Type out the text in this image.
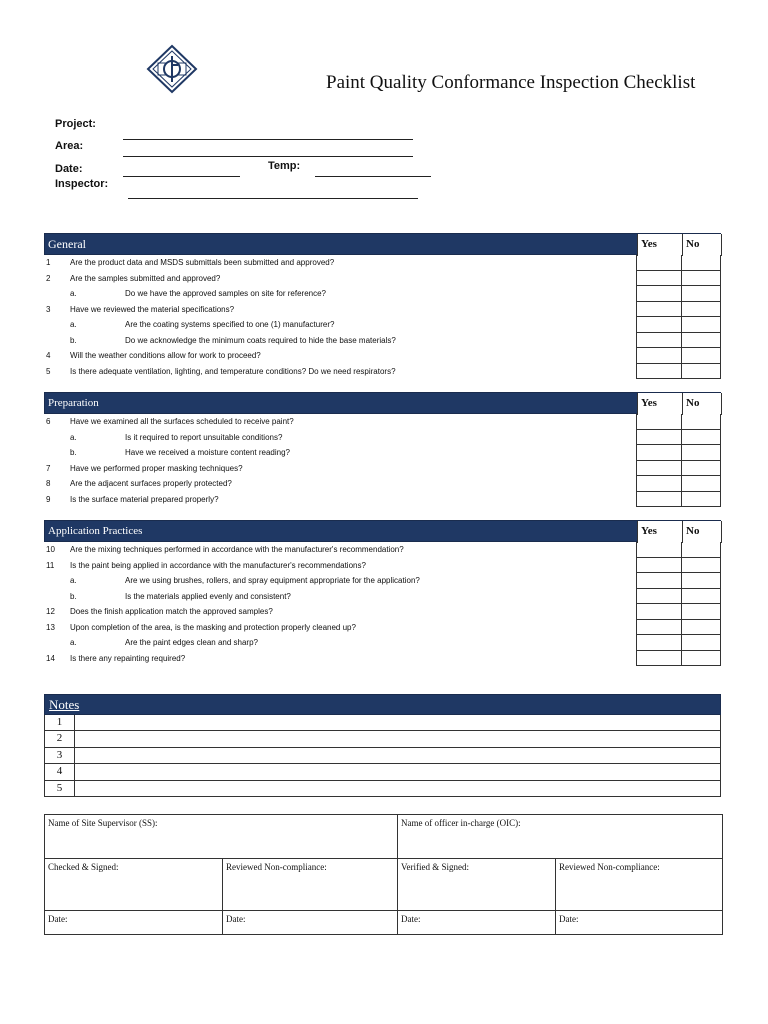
Paint Quality Conformance Inspection Checklist
Project:
Area:
Date:	Temp:
Inspector:
General	Yes	No
1	Are the product data and MSDS submittals been submitted and approved?
2	Are the samples submitted and approved?
a.	Do we have the approved samples on site for reference?
3	Have we reviewed the material specifications?
a.	Are the coating systems specified to one (1) manufacturer?
b.	Do we acknowledge the minimum coats required to hide the base materials?
4	Will the weather conditions allow for work to proceed?
5	Is there adequate ventilation, lighting, and temperature conditions? Do we need respirators?
Preparation	Yes	No
6	Have we examined all the surfaces scheduled to receive paint?
a.	Is it required to report unsuitable conditions?
b.	Have we received a moisture content reading?
7	Have we performed proper masking techniques?
8	Are the adjacent surfaces properly protected?
9	Is the surface material prepared properly?
Application Practices	Yes	No
10	Are the mixing techniques performed in accordance with the manufacturer's recommendation?
11	Is the paint being applied in accordance with the manufacturer's recommendations?
a.	Are we using brushes, rollers, and spray equipment appropriate for the application?
b.	Is the materials applied evenly and consistent?
12	Does the finish application match the approved samples?
13	Upon completion of the area, is the masking and protection properly cleaned up?
a.	Are the paint edges clean and sharp?
14	Is there any repainting required?
Notes
1
2
3
4
5
Name of Site Supervisor (SS):	Name of officer in-charge (OIC):
Checked & Signed:	Reviewed Non-compliance:	Verified & Signed:	Reviewed Non-compliance:
Date:	Date:	Date:	Date:
